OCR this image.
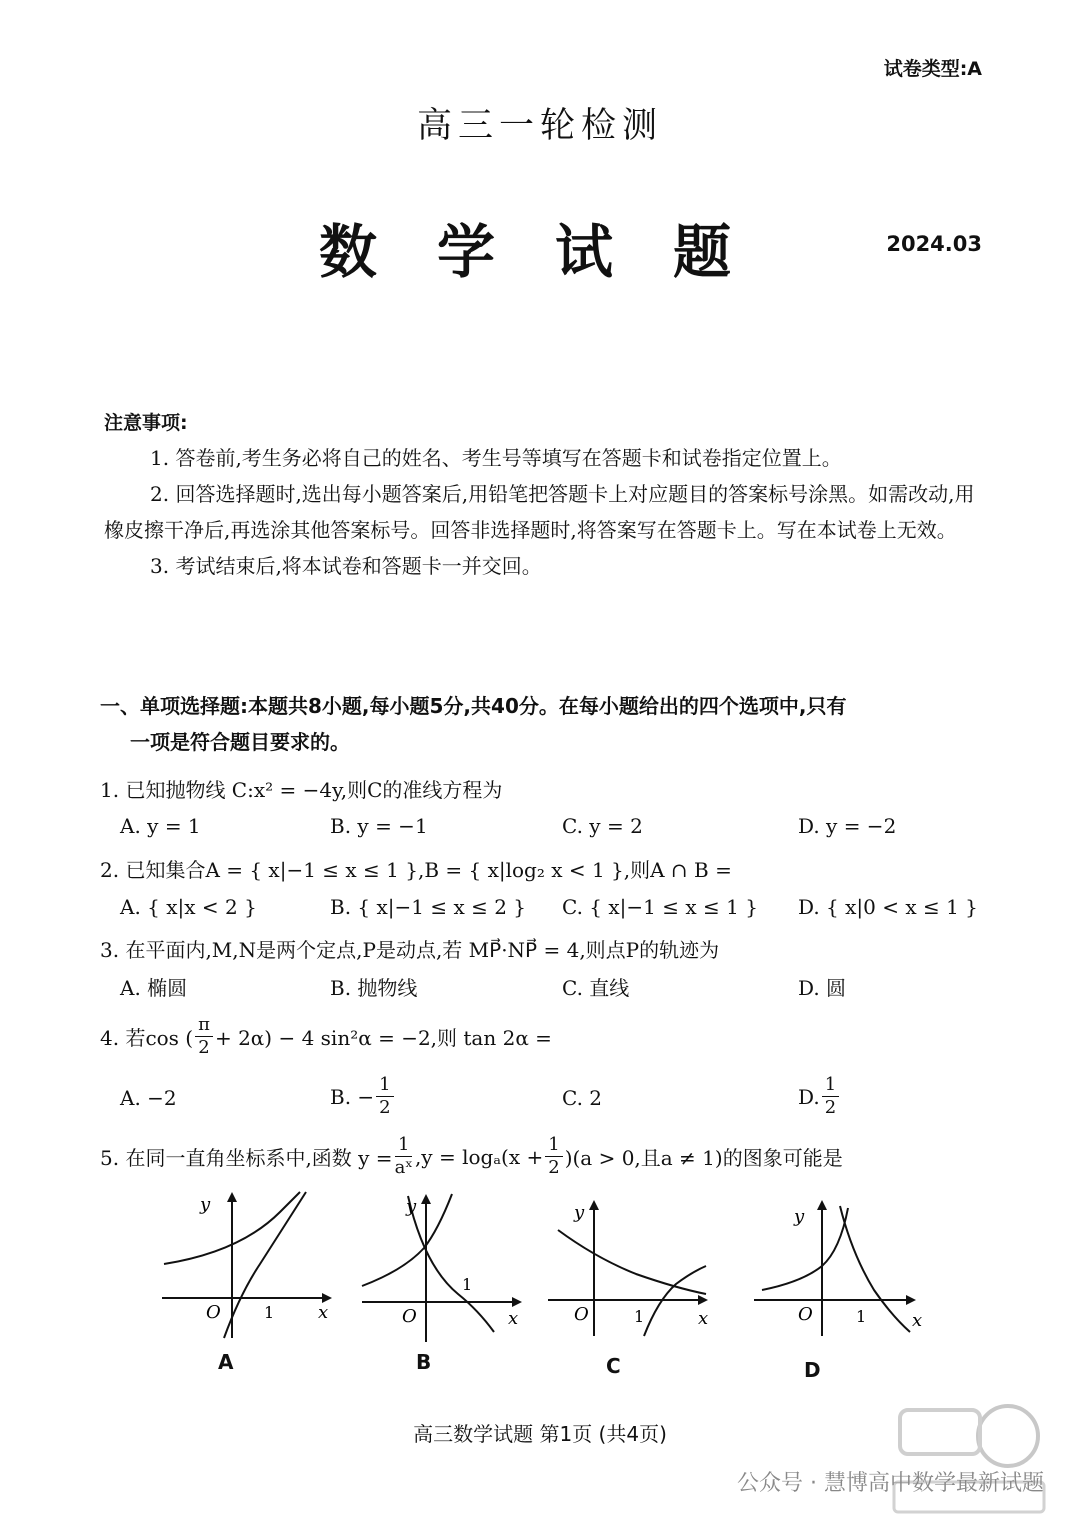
试卷类型:A
高三一轮检测
数学试题	2024.03
注意事项:

1. 答卷前,考生务必将自己的姓名、考生号等填写在答题卡和试卷指定位置上。

2. 回答选择题时,选出每小题答案后,用铅笔把答题卡上对应题目的答案标号涂黑。如需改动,用橡皮擦干净后,再选涂其他答案标号。回答非选择题时,将答案写在答题卡上。写在本试卷上无效。

3. 考试结束后,将本试卷和答题卡一并交回。

一、单项选择题:本题共8小题,每小题5分,共40分。在每小题给出的四个选项中,只有
一项是符合题目要求的。
1. 已知抛物线 C:x² = −4y,则C的准线方程为
A. y = 1	B. y = −1	C. y = 2	D. y = −2
2. 已知集合A = { x|−1 ≤ x ≤ 1 },B = { x|log₂ x < 1 },则A ∩ B =
A. { x|x < 2 }	B. { x|−1 ≤ x ≤ 2 } C. { x|−1 ≤ x ≤ 1 } D. { x|0 < x ≤ 1 }
3. 在平面内,M,N是两个定点,P是动点,若 MP⃗·NP⃗ = 4,则点P的轨迹为
A. 椭圆	B. 抛物线	C. 直线	D. 圆
4. 若cos ( $\frac{\pi}{2} + 2\alpha) - 4$ sin²α = −2,则 tan 2α =
A. −2	B. − $\frac{1}{2}$	C. 2	D. $\frac{1}{2}$
5. 在同一直角坐标系中,函数 $y = \frac{1}{\text{aˣ}} ,y = \log_a(x + \frac{1}{2} )(a > 0$,且a ≠ 1)的图象可能是
y
x
O	1
A
y
x
O
1
B
y
x
O	1
C
y
x
O	1
D
高三数学试题 第1页 (共4页)
公众号 · 慧博高中数学最新试题
